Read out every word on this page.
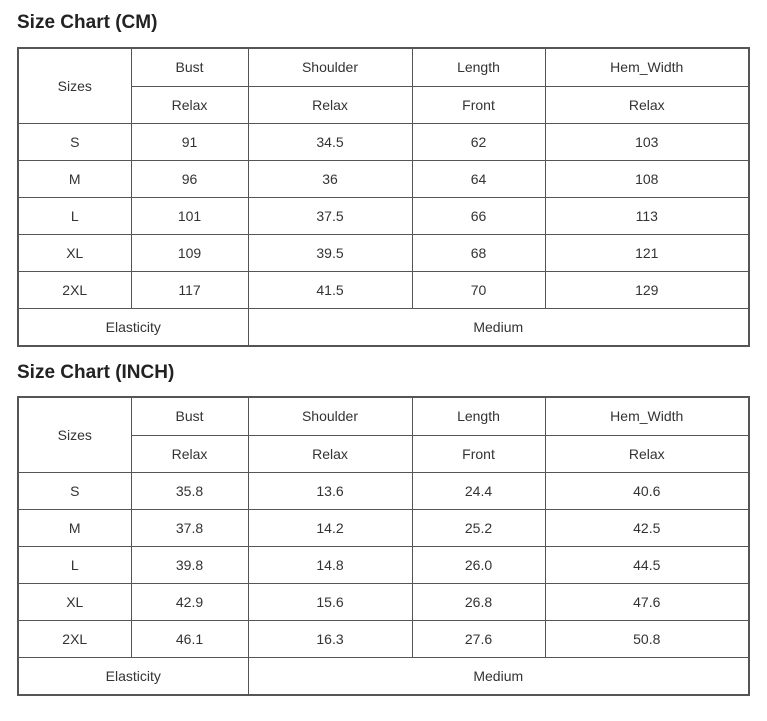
Size Chart (CM)
Sizes	Bust	Shoulder	Length	Hem_Width
	Relax	Relax	Front	Relax
S	91	34.5	62	103
M	96	36	64	108
L	101	37.5	66	113
XL	109	39.5	68	121
2XL	117	41.5	70	129
Elasticity		Medium		
Size Chart (INCH)
Sizes	Bust	Shoulder	Length	Hem_Width
	Relax	Relax	Front	Relax
S	35.8	13.6	24.4	40.6
M	37.8	14.2	25.2	42.5
L	39.8	14.8	26.0	44.5
XL	42.9	15.6	26.8	47.6
2XL	46.1	16.3	27.6	50.8
Elasticity		Medium		
